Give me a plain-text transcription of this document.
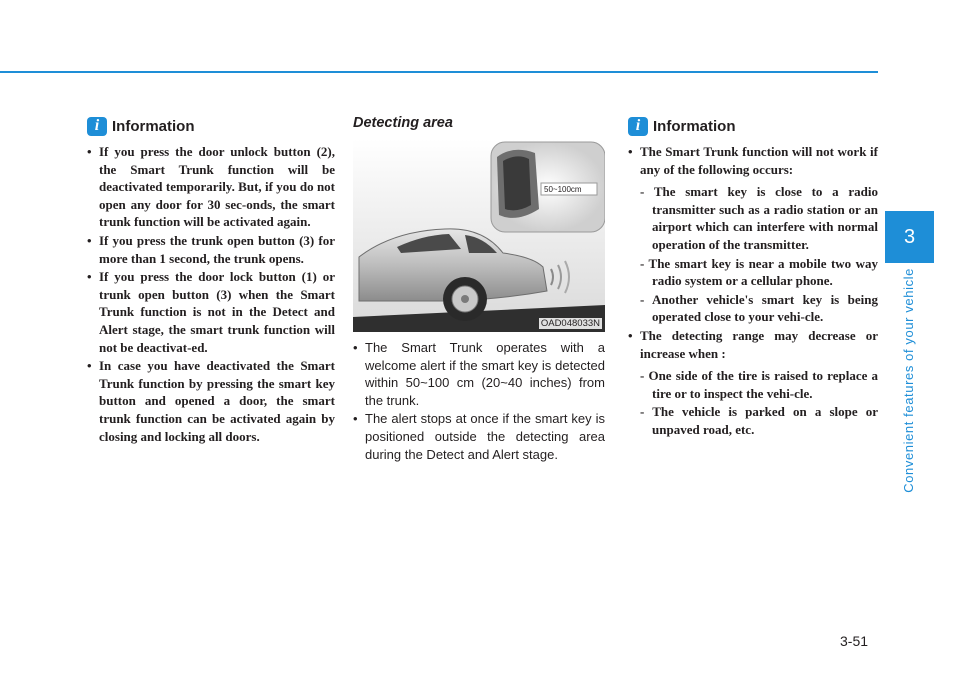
3
Convenient features of your vehicle
i Information
• If you press the door unlock button (2), the Smart Trunk function will be deactivated temporarily. But, if you do not open any door for 30 sec-onds, the smart trunk function will be activated again.
• If you press the trunk open button (3) for more than 1 second, the trunk opens.
• If you press the door lock button (1) or trunk open button (3) when the Smart Trunk function is not in the Detect and Alert stage, the smart trunk function will not be deactivat-ed.
• In case you have deactivated the Smart Trunk function by pressing the smart key button and opened a door, the smart trunk function can be activated again by closing and locking all doors.
Detecting area
50~100cm
OAD048033N
• The Smart Trunk operates with a welcome alert if the smart key is detected within 50~100 cm (20~40 inches) from the trunk.
• The alert stops at once if the smart key is positioned outside the detecting area during the Detect and Alert stage.
i Information
• The Smart Trunk function will not work if any of the following occurs:
- The smart key is close to a radio transmitter such as a radio station or an airport which can interfere with normal operation of the transmitter.
- The smart key is near a mobile two way radio system or a cellular phone.
- Another vehicle's smart key is being operated close to your vehi-cle.
• The detecting range may decrease or increase when :
- One side of the tire is raised to replace a tire or to inspect the vehi-cle.
- The vehicle is parked on a slope or unpaved road, etc.
3-51
